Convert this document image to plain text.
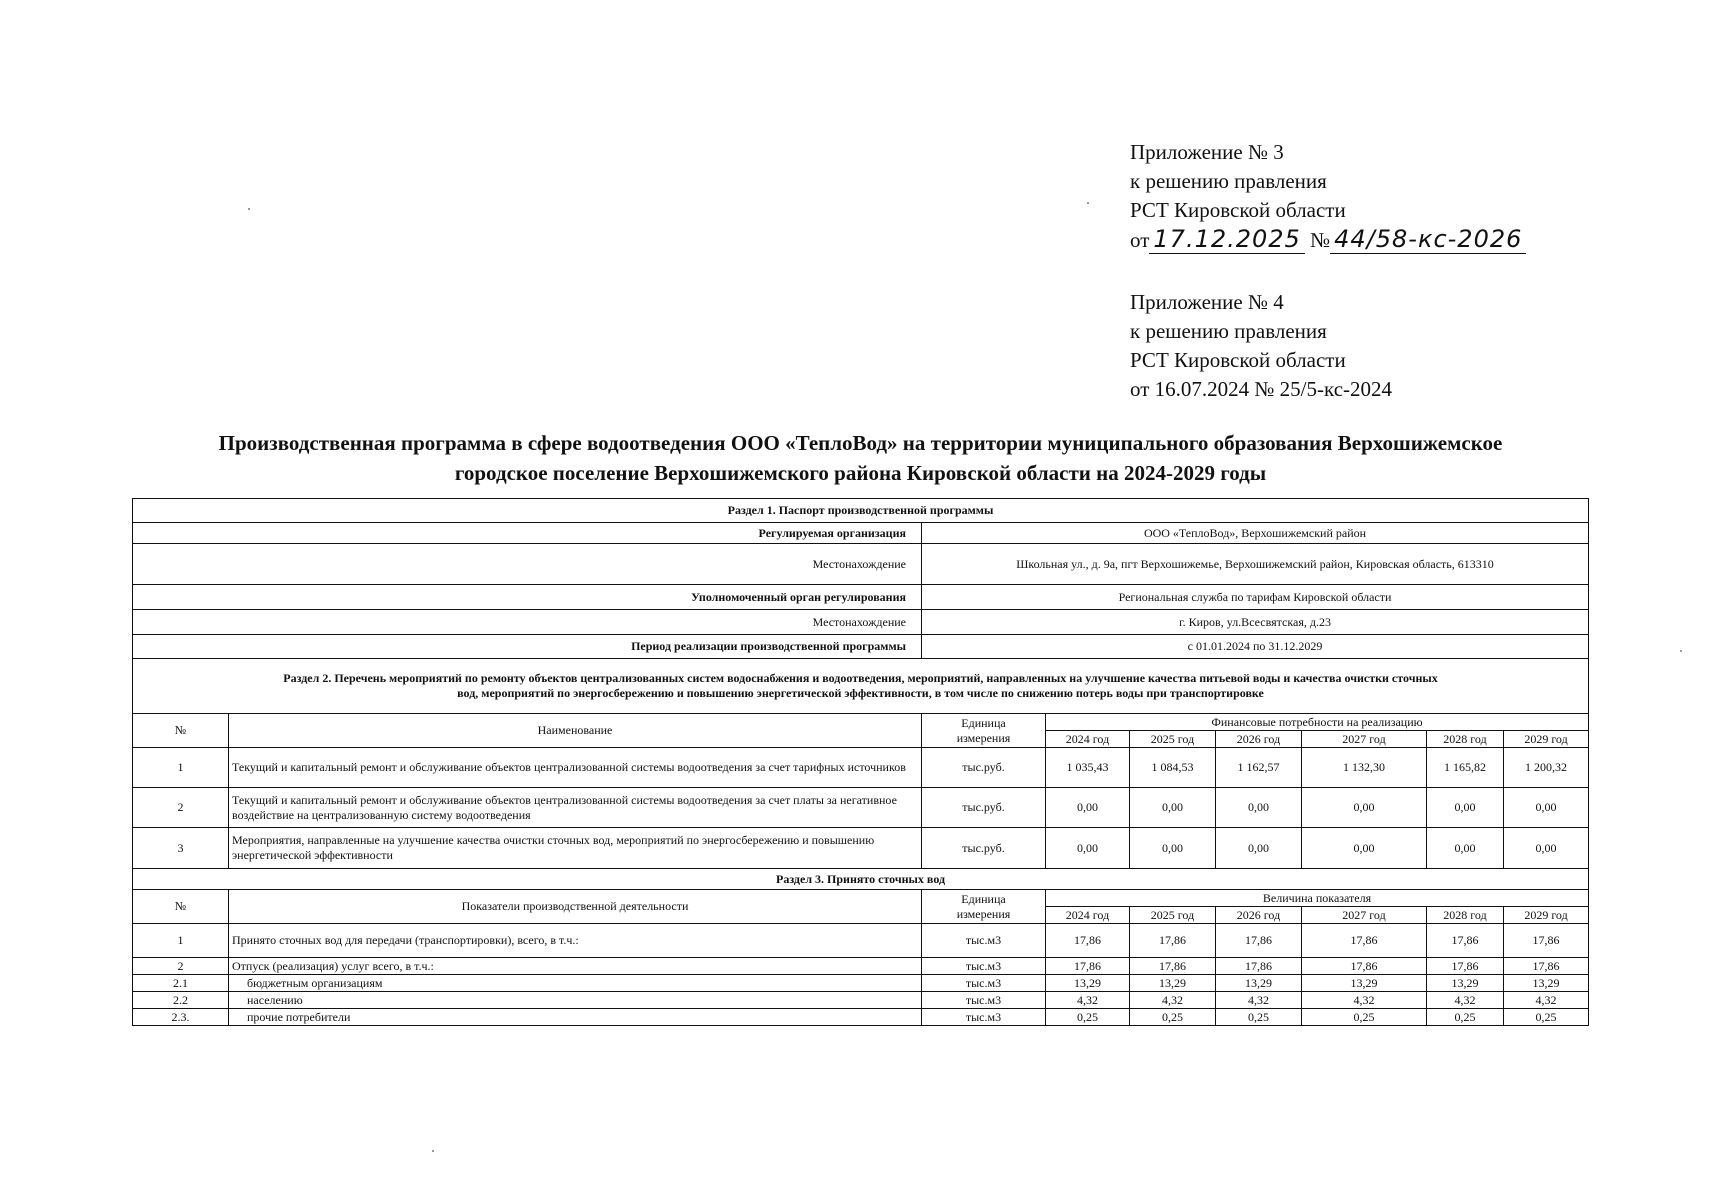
Приложение № 3
к решению правления
РСТ Кировской области
от 17.12.2025 № 44/58-кс-2026
Приложение № 4
к решению правления
РСТ Кировской области
от 16.07.2024 № 25/5-кс-2024
Производственная программа в сфере водоотведения ООО «ТеплоВод» на территории муниципального образования Верхошижемское
городское поселение Верхошижемского района Кировской области на 2024-2029 годы
Раздел 1. Паспорт производственной программы								
Регулируемая организация		ООО «ТеплоВод», Верхошижемский район						
Местонахождение		Школьная ул., д. 9а, пгт Верхошижемье, Верхошижемский район, Кировская область, 613310						
Уполномоченный орган регулирования		Региональная служба по тарифам Кировской области						
Местонахождение		г. Киров, ул.Всесвятская, д.23						
Период реализации производственной программы		с 01.01.2024 по 31.12.2029						

Раздел 2. Перечень мероприятий по ремонту объектов централизованных систем водоснабжения и водоотведения, мероприятий, направленных на улучшение качества питьевой воды и качества очистки сточных
вод, мероприятий по энергосбережению и повышению энергетической эффективности, в том числе по снижению потерь воды при транспортировке								

№	Наименование	Единица
измерения	Финансовые потребности на реализацию					
			2024 год	2025 год	2026 год	2027 год	2028 год	2029 год
1	Текущий и капитальный ремонт и обслуживание объектов централизованной системы водоотведения за счет тарифных источников	тыс.руб.	1 035,43	1 084,53	1 162,57	1 132,30	1 165,82	1 200,32
2	Текущий и капитальный ремонт и обслуживание объектов централизованной системы водоотведения за счет платы за негативное воздействие на централизованную систему водоотведения	тыс.руб.	0,00	0,00	0,00	0,00	0,00	0,00
3	Мероприятия, направленные на улучшение качества очистки сточных вод, мероприятий по энергосбережению и повышению энергетической эффективности	тыс.руб.	0,00	0,00	0,00	0,00	0,00	0,00
Раздел 3. Принято сточных вод								
№	Показатели производственной деятельности	Единица
измерения	Величина показателя					
			2024 год	2025 год	2026 год	2027 год	2028 год	2029 год
1	Принято сточных вод для передачи (транспортировки), всего, в т.ч.:	тыс.м3	17,86	17,86	17,86	17,86	17,86	17,86
2	Отпуск (реализация) услуг всего, в т.ч.:	тыс.м3	17,86	17,86	17,86	17,86	17,86	17,86
2.1	бюджетным организациям	тыс.м3	13,29	13,29	13,29	13,29	13,29	13,29
2.2	населению	тыс.м3	4,32	4,32	4,32	4,32	4,32	4,32
2.3.	прочие потребители	тыс.м3	0,25	0,25	0,25	0,25	0,25	0,25
